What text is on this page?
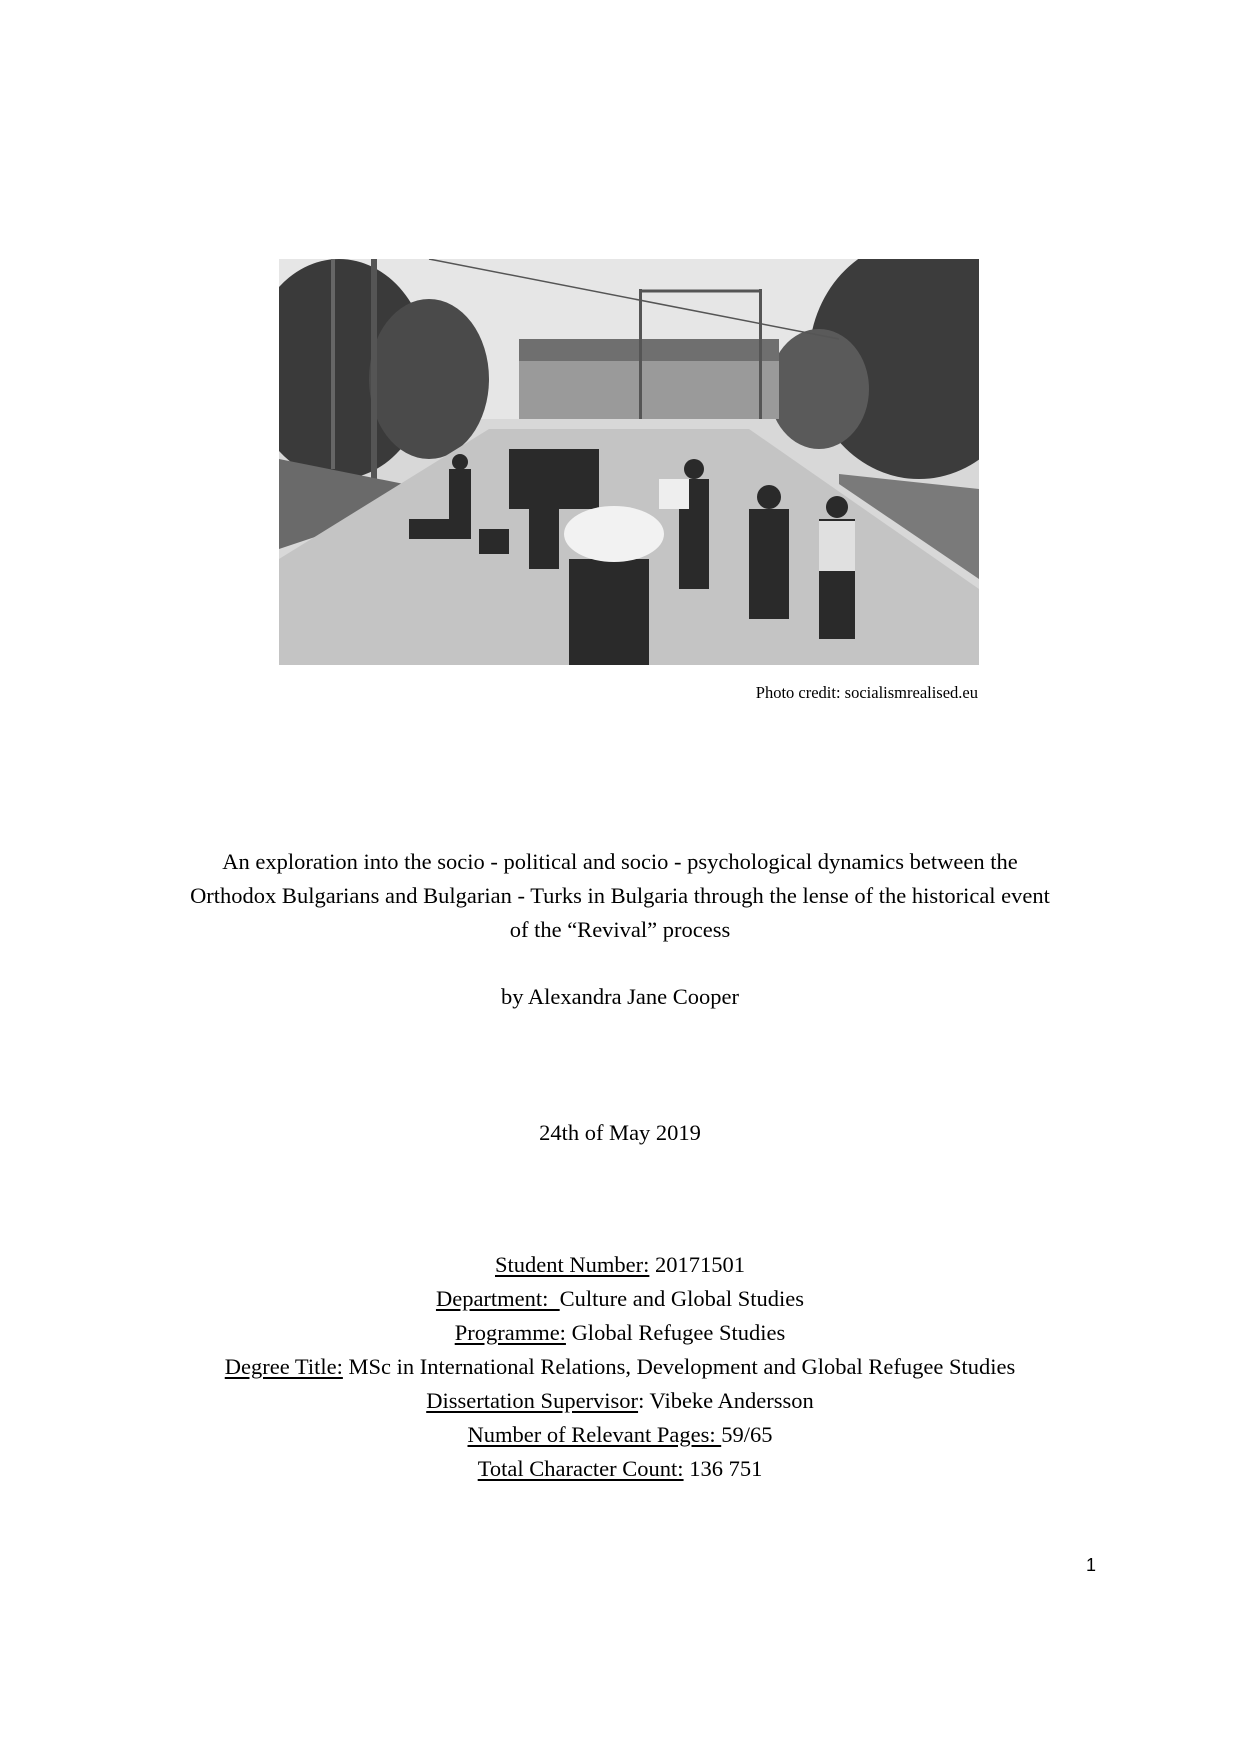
Photo credit: socialismrealised.eu
An exploration into the socio - political and socio - psychological dynamics between the
Orthodox Bulgarians and Bulgarian - Turks in Bulgaria through the lense of the historical event
of the “Revival” process
by Alexandra Jane Cooper
24th of May 2019
Student Number: 20171501
Department:  Culture and Global Studies
Programme: Global Refugee Studies
Degree Title: MSc in International Relations, Development and Global Refugee Studies
Dissertation Supervisor: Vibeke Andersson
Number of Relevant Pages: 59/65
Total Character Count: 136 751
1
